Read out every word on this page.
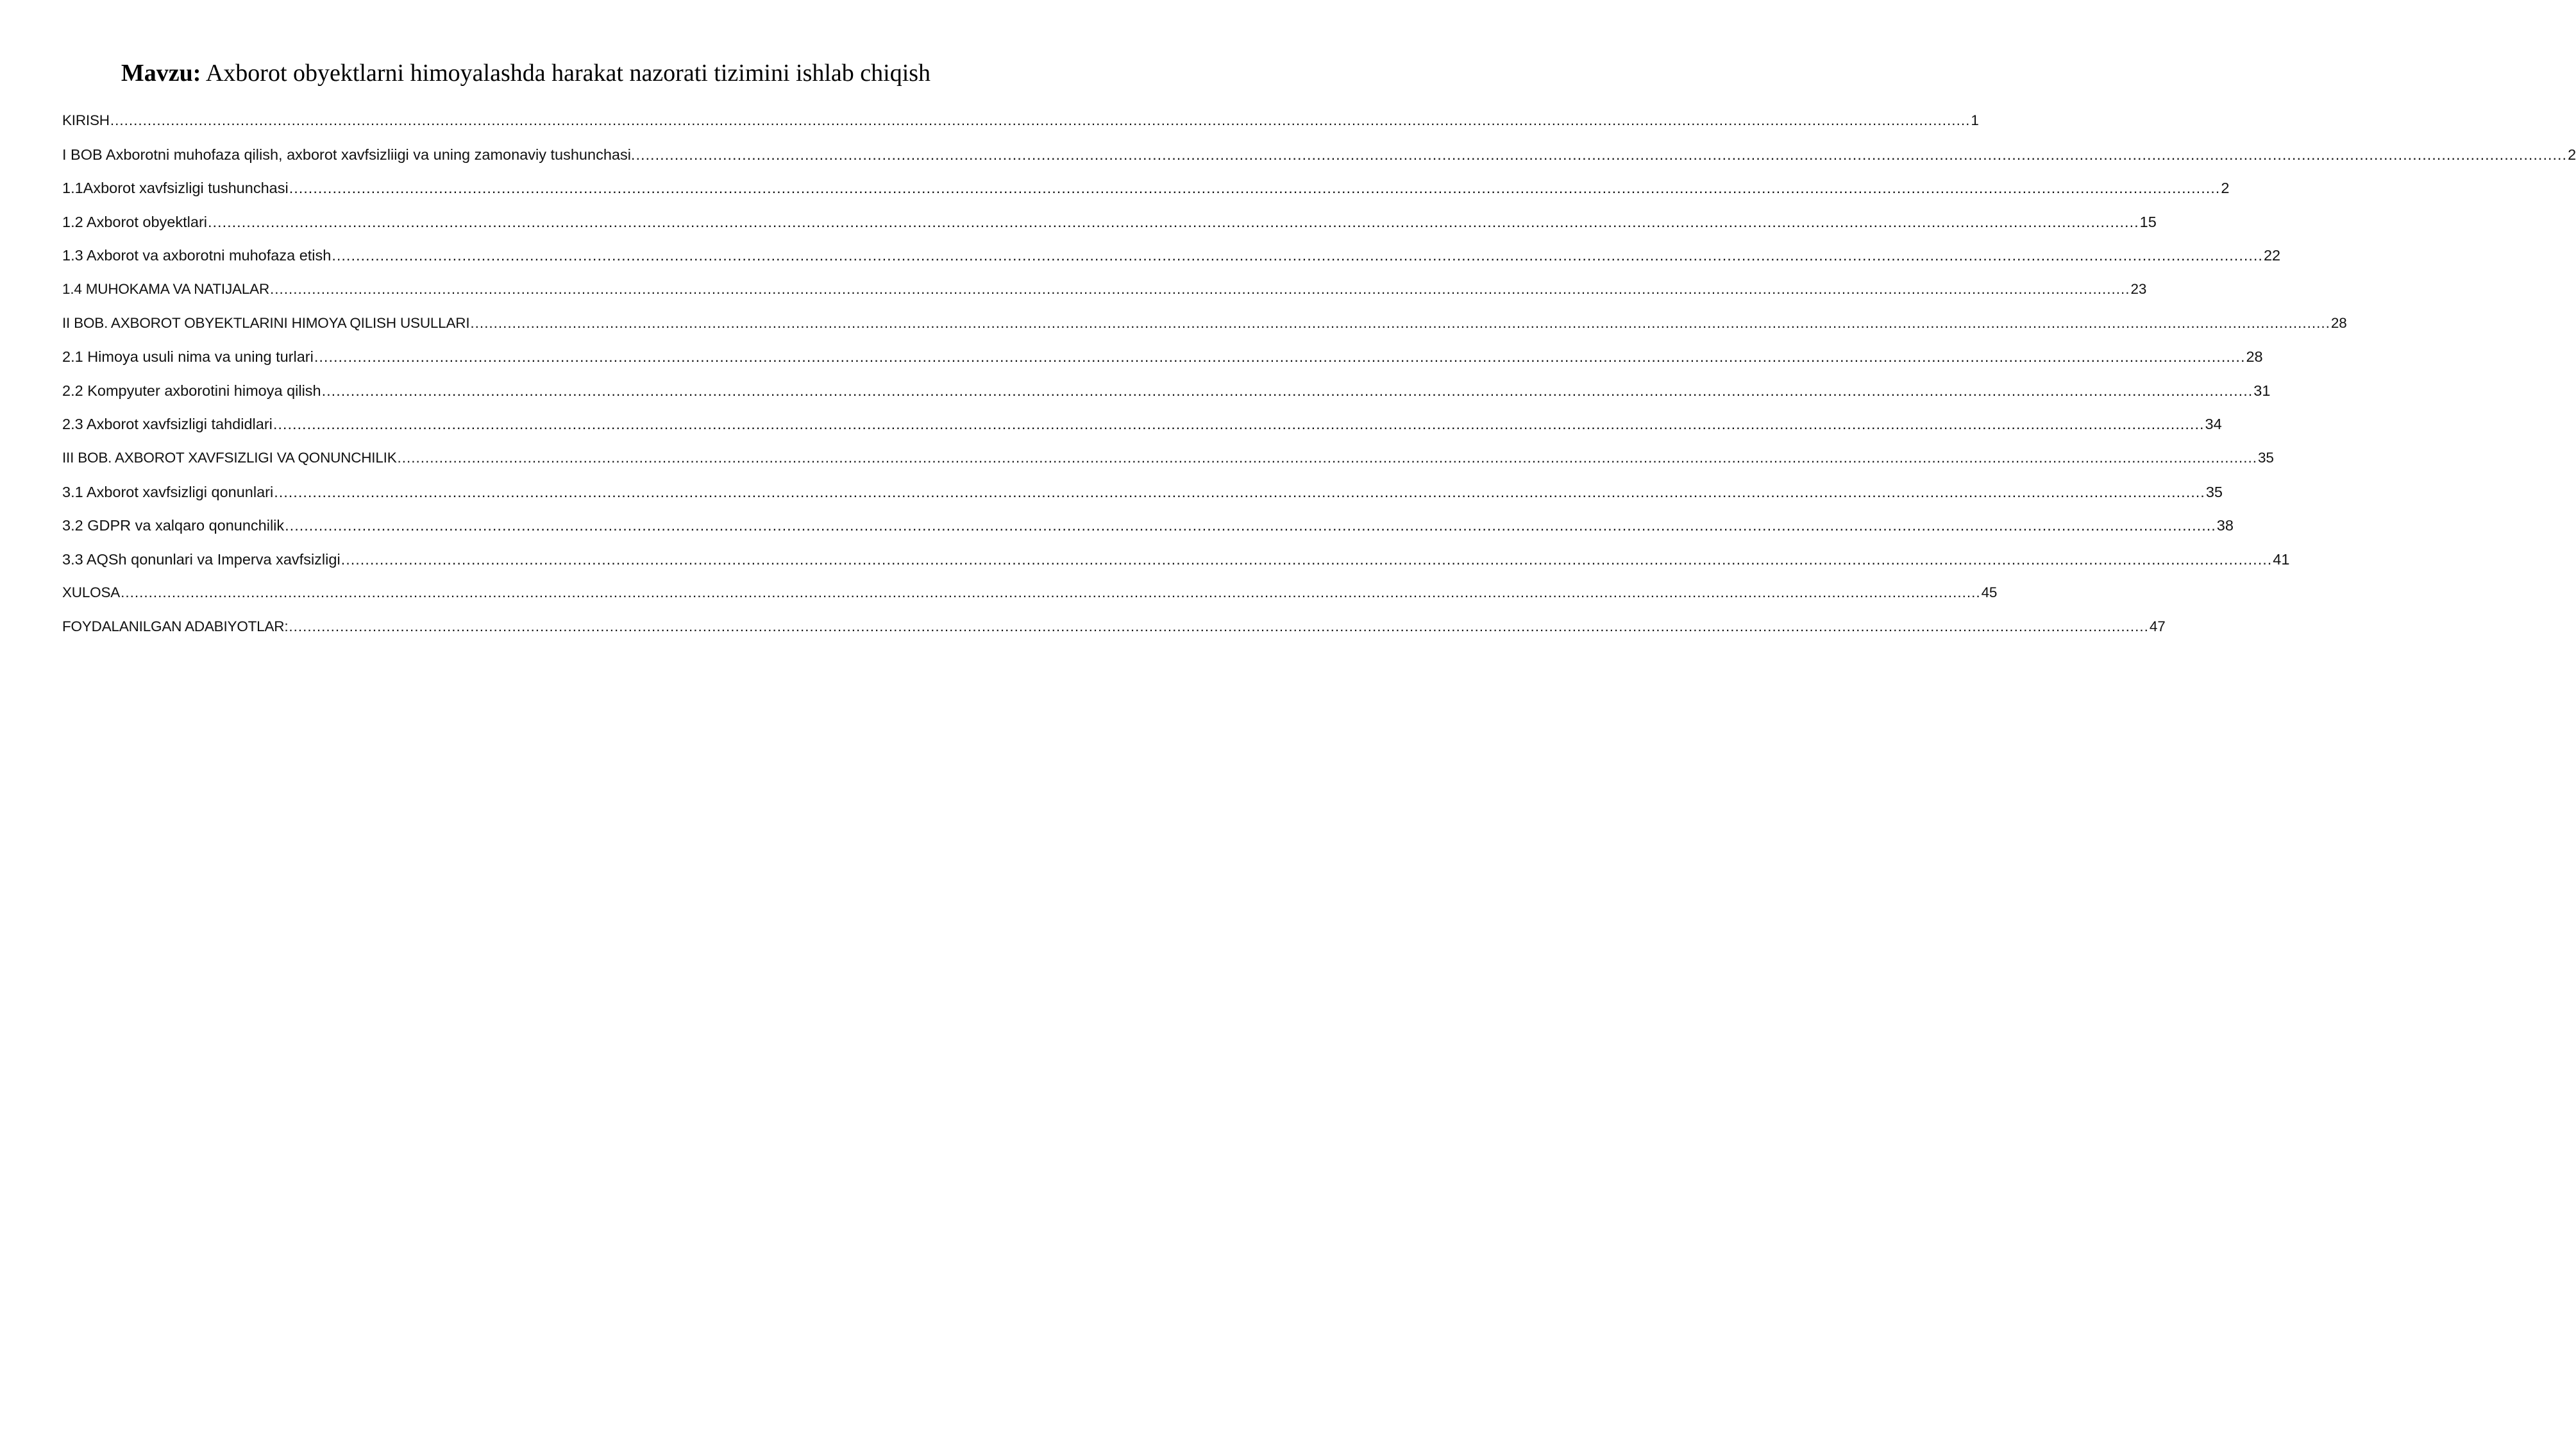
Mavzu: Axborot obyektlarni himoyalashda harakat nazorati tizimini ishlab chiqish
KIRISH ................................................................................................................................................................................................................................................................................................................................................................................................................ 1
I BOB Axborotni muhofaza qilish, axborot xavfsizliigi va uning zamonaviy tushunchasi. ................................................................................................................................................................................................................................................................................................................................................................................................................ 2
1.1Axborot xavfsizligi tushunchasi ................................................................................................................................................................................................................................................................................................................................................................................................................ 2
1.2 Axborot obyektlari ................................................................................................................................................................................................................................................................................................................................................................................................................ 15
1.3 Axborot va axborotni muhofaza etish ................................................................................................................................................................................................................................................................................................................................................................................................................ 22
1.4 MUHOKAMA VA NATIJALAR ................................................................................................................................................................................................................................................................................................................................................................................................................ 23
II BOB. AXBOROT OBYEKTLARINI HIMOYA QILISH USULLARI ................................................................................................................................................................................................................................................................................................................................................................................................................ 28
2.1 Himoya usuli nima va uning turlari ................................................................................................................................................................................................................................................................................................................................................................................................................ 28
2.2 Kompyuter axborotini himoya qilish ................................................................................................................................................................................................................................................................................................................................................................................................................ 31
2.3 Axborot xavfsizligi tahdidlari ................................................................................................................................................................................................................................................................................................................................................................................................................ 34
III BOB. AXBOROT XAVFSIZLIGI VA QONUNCHILIK ................................................................................................................................................................................................................................................................................................................................................................................................................ 35
3.1 Axborot xavfsizligi qonunlari ................................................................................................................................................................................................................................................................................................................................................................................................................ 35
3.2 GDPR va xalqaro qonunchilik ................................................................................................................................................................................................................................................................................................................................................................................................................ 38
3.3 AQSh qonunlari va Imperva xavfsizligi ................................................................................................................................................................................................................................................................................................................................................................................................................ 41
XULOSA ................................................................................................................................................................................................................................................................................................................................................................................................................ 45
FOYDALANILGAN ADABIYOTLAR: ................................................................................................................................................................................................................................................................................................................................................................................................................ 47
